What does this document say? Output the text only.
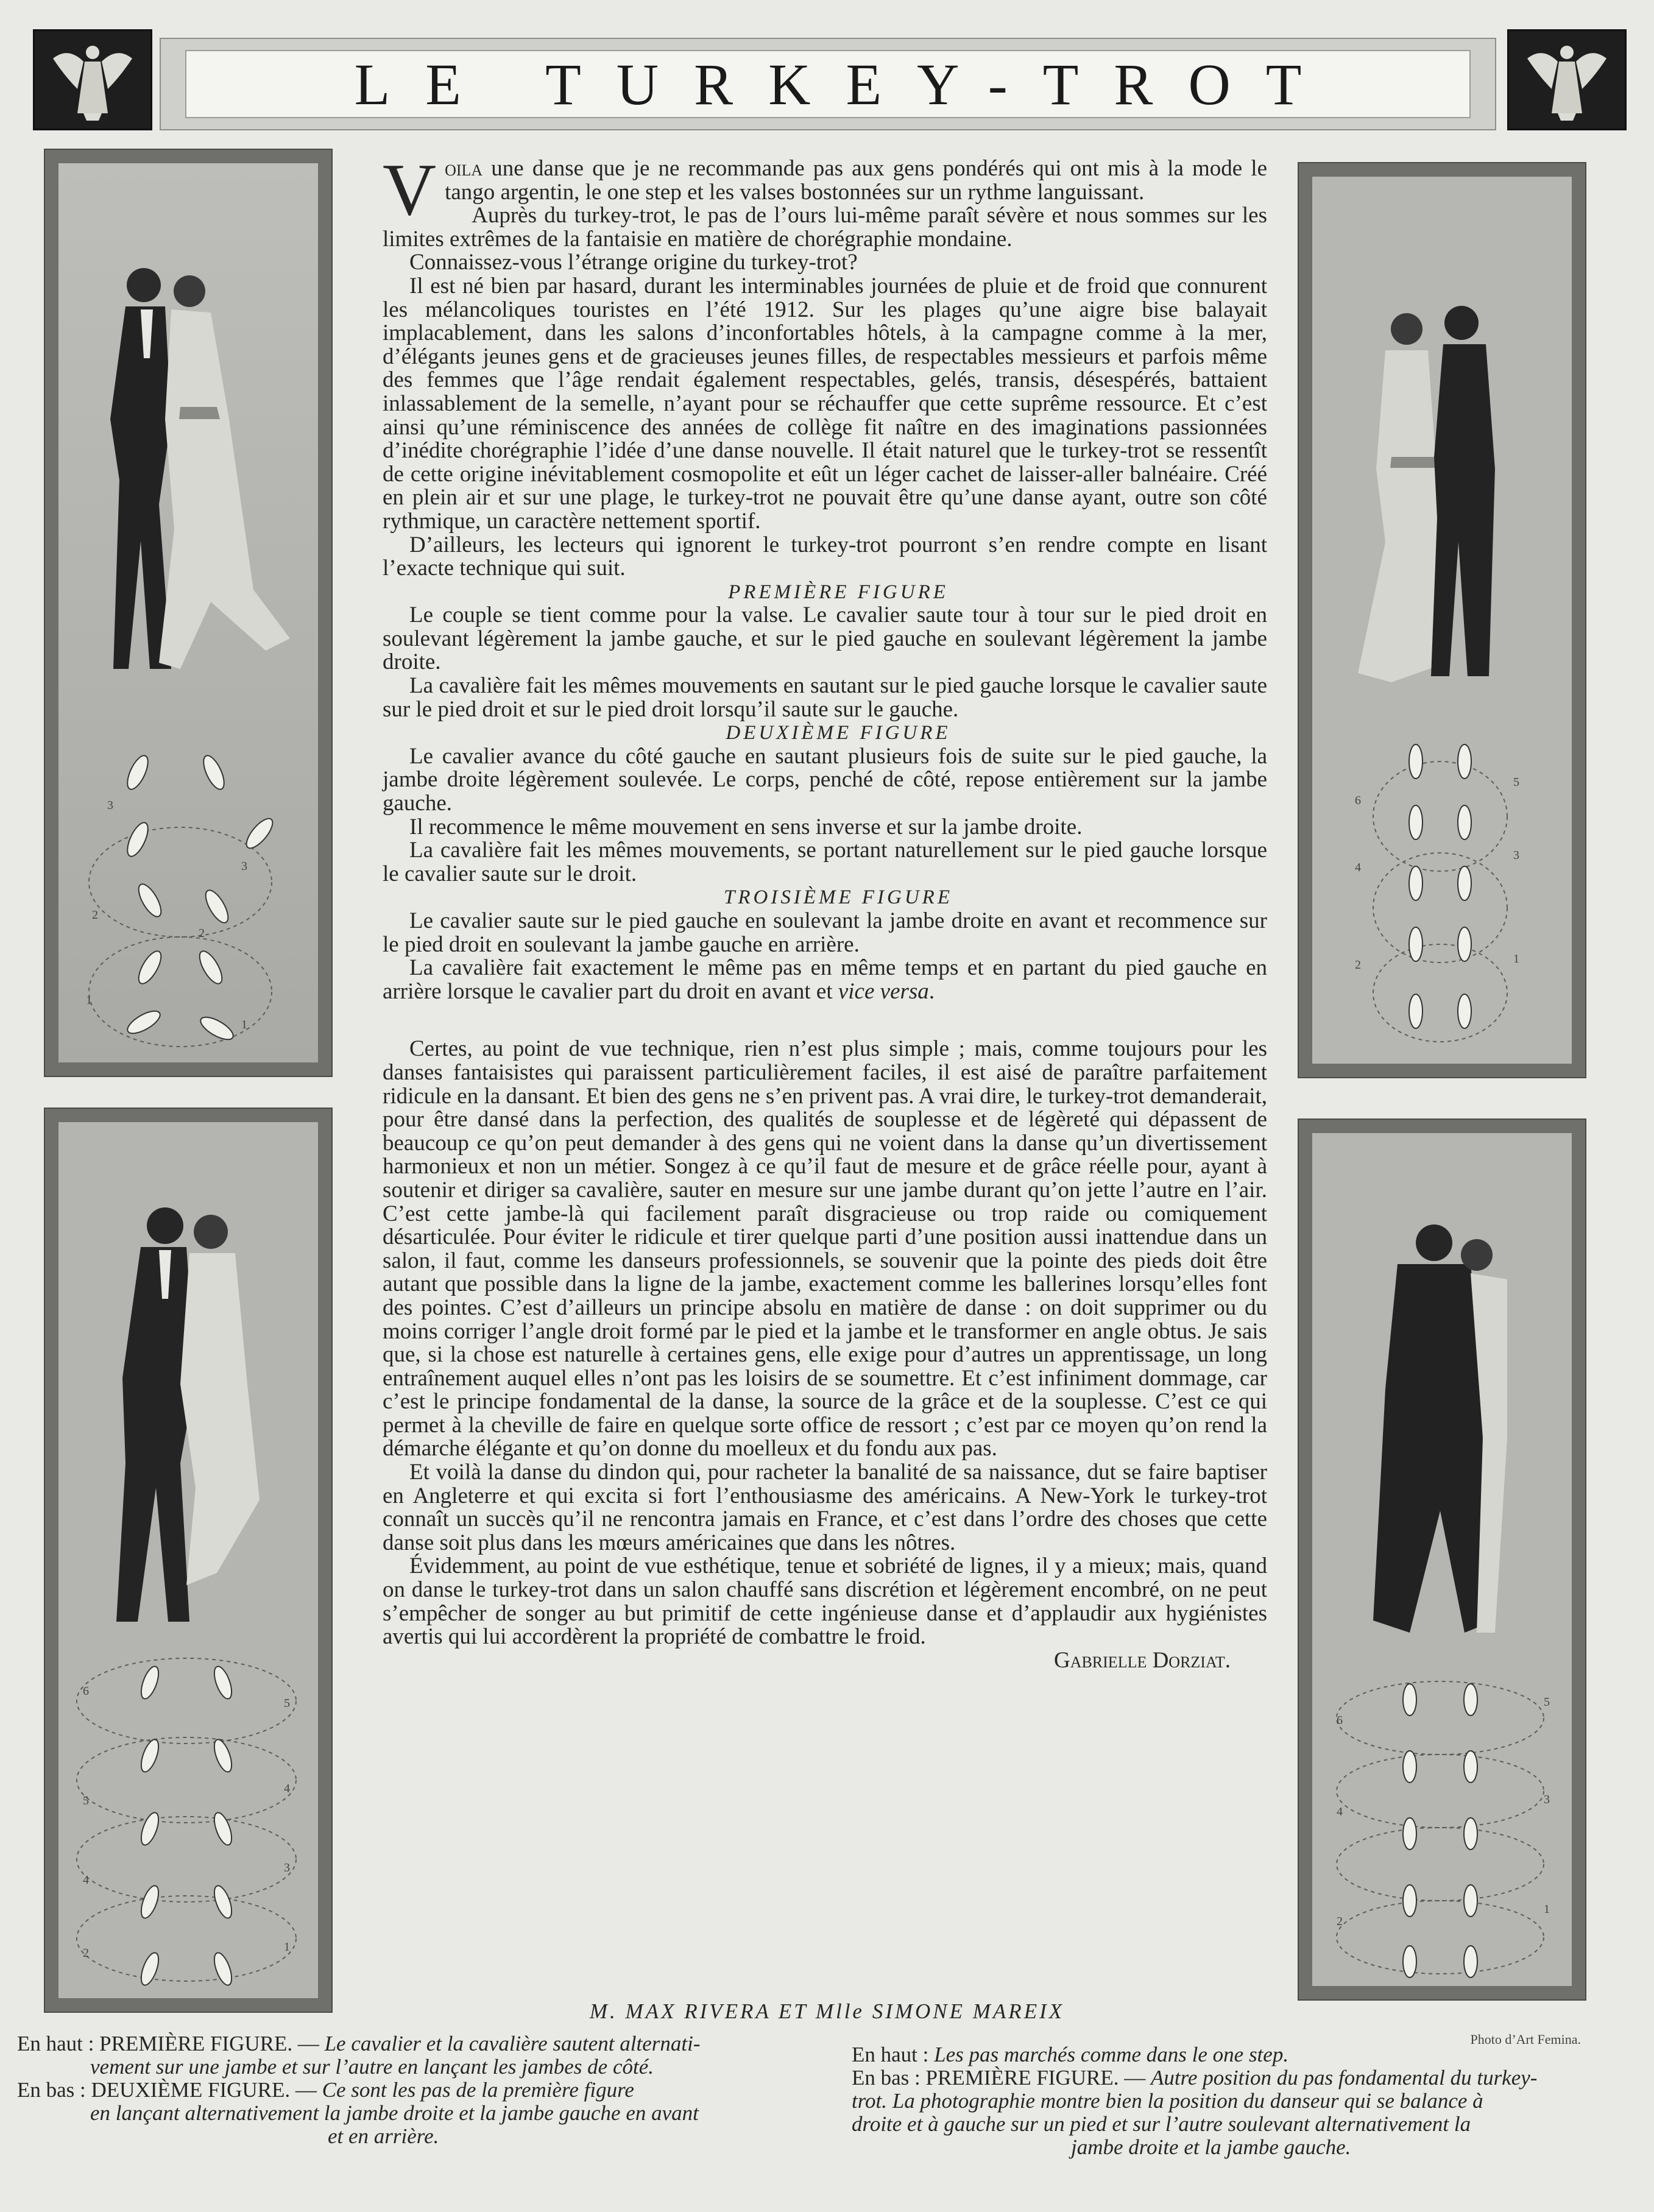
LE TURKEY-TROT
3
3
2
2
1
1
6
5
5
4
4
3
2	1
6
5
4
3
2	1
6
5
4
3
2
1

Voila une danse que je ne recommande pas aux gens pondérés qui ont mis à la mode le tango argentin, le one step et les valses bostonnées sur un rythme languissant.

Auprès du turkey-trot, le pas de l’ours lui-même paraît sévère et nous sommes sur les limites extrêmes de la fantaisie en matière de chorégraphie mondaine.

Connaissez-vous l’étrange origine du turkey-trot?

Il est né bien par hasard, durant les interminables journées de pluie et de froid que connurent les mélancoliques touristes en l’été 1912. Sur les plages qu’une aigre bise balayait implacablement, dans les salons d’inconfortables hôtels, à la campagne comme à la mer, d’élégants jeunes gens et de gracieuses jeunes filles, de respectables messieurs et parfois même des femmes que l’âge rendait également respectables, gelés, transis, désespérés, battaient inlassablement de la semelle, n’ayant pour se réchauffer que cette suprême ressource. Et c’est ainsi qu’une réminiscence des années de collège fit naître en des imaginations passionnées d’inédite chorégraphie l’idée d’une danse nouvelle. Il était naturel que le turkey-trot se ressentît de cette origine inévitablement cosmopolite et eût un léger cachet de laisser-aller balnéaire. Créé en plein air et sur une plage, le turkey-trot ne pouvait être qu’une danse ayant, outre son côté rythmique, un caractère nettement sportif.

D’ailleurs, les lecteurs qui ignorent le turkey-trot pourront s’en rendre compte en lisant l’exacte technique qui suit.

PREMIÈRE FIGURE

Le couple se tient comme pour la valse. Le cavalier saute tour à tour sur le pied droit en soulevant légèrement la jambe gauche, et sur le pied gauche en soulevant légèrement la jambe droite.

La cavalière fait les mêmes mouvements en sautant sur le pied gauche lorsque le cavalier saute sur le pied droit et sur le pied droit lorsqu’il saute sur le gauche.

DEUXIÈME FIGURE

Le cavalier avance du côté gauche en sautant plusieurs fois de suite sur le pied gauche, la jambe droite légèrement soulevée. Le corps, penché de côté, repose entièrement sur la jambe gauche.

Il recommence le même mouvement en sens inverse et sur la jambe droite.

La cavalière fait les mêmes mouvements, se portant naturellement sur le pied gauche lorsque le cavalier saute sur le droit.

TROISIÈME FIGURE

Le cavalier saute sur le pied gauche en soulevant la jambe droite en avant et recommence sur le pied droit en soulevant la jambe gauche en arrière.

La cavalière fait exactement le même pas en même temps et en partant du pied gauche en arrière lorsque le cavalier part du droit en avant et vice versa.

Certes, au point de vue technique, rien n’est plus simple ; mais, comme toujours pour les danses fantaisistes qui paraissent particulièrement faciles, il est aisé de paraître parfaitement ridicule en la dansant. Et bien des gens ne s’en privent pas. A vrai dire, le turkey-trot demanderait, pour être dansé dans la perfection, des qualités de souplesse et de légèreté qui dépassent de beaucoup ce qu’on peut demander à des gens qui ne voient dans la danse qu’un divertissement harmonieux et non un métier. Songez à ce qu’il faut de mesure et de grâce réelle pour, ayant à soutenir et diriger sa cavalière, sauter en mesure sur une jambe durant qu’on jette l’autre en l’air. C’est cette jambe-là qui facilement paraît disgracieuse ou trop raide ou comiquement désarticulée. Pour éviter le ridicule et tirer quelque parti d’une position aussi inattendue dans un salon, il faut, comme les danseurs professionnels, se souvenir que la pointe des pieds doit être autant que possible dans la ligne de la jambe, exactement comme les ballerines lorsqu’elles font des pointes. C’est d’ailleurs un principe absolu en matière de danse : on doit supprimer ou du moins corriger l’angle droit formé par le pied et la jambe et le transformer en angle obtus. Je sais que, si la chose est naturelle à certaines gens, elle exige pour d’autres un apprentissage, un long entraînement auquel elles n’ont pas les loisirs de se soumettre. Et c’est infiniment dommage, car c’est le principe fondamental de la danse, la source de la grâce et de la souplesse. C’est ce qui permet à la cheville de faire en quelque sorte office de ressort ; c’est par ce moyen qu’on rend la démarche élégante et qu’on donne du moelleux et du fondu aux pas.

Et voilà la danse du dindon qui, pour racheter la banalité de sa naissance, dut se faire baptiser en Angleterre et qui excita si fort l’enthousiasme des américains. A New-York le turkey-trot connaît un succès qu’il ne rencontra jamais en France, et c’est dans l’ordre des choses que cette danse soit plus dans les mœurs américaines que dans les nôtres.

Évidemment, au point de vue esthétique, tenue et sobriété de lignes, il y a mieux; mais, quand on danse le turkey-trot dans un salon chauffé sans discrétion et légèrement encombré, on ne peut s’empêcher de songer au but primitif de cette ingénieuse danse et d’applaudir aux hygiénistes avertis qui lui accordèrent la propriété de combattre le froid.

Gabrielle Dorziat.

M. MAX RIVERA ET Mlle SIMONE MAREIX
Photo d’Art Femina.
En haut : PREMIÈRE FIGURE. — Le cavalier et la cavalière sautent alternati-
vement sur une jambe et sur l’autre en lançant les jambes de côté.
En bas : DEUXIÈME FIGURE. — Ce sont les pas de la première figure
en lançant alternativement la jambe droite et la jambe gauche en avant
et en arrière.
En haut : Les pas marchés comme dans le one step.
En bas : PREMIÈRE FIGURE. — Autre position du pas fondamental du turkey-
trot. La photographie montre bien la position du danseur qui se balance à
droite et à gauche sur un pied et sur l’autre soulevant alternativement la
jambe droite et la jambe gauche.
